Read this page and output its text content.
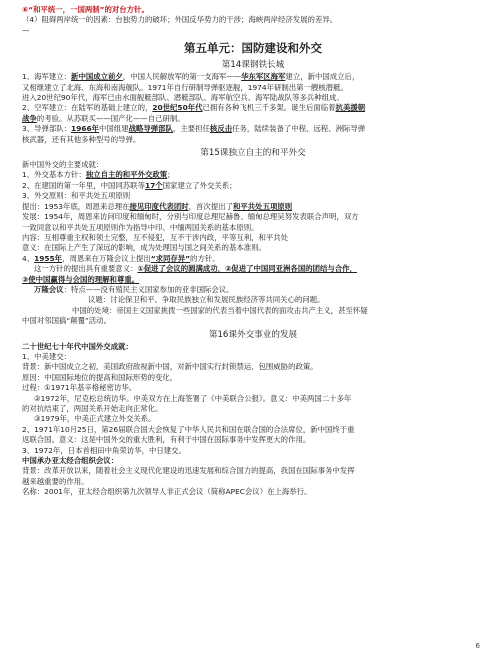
⑥“和平统一，一国两制”的对台方针。
（4）阻碍两岸统一的因素：台独势力的破坏；外国反华势力的干涉；海峡两岸经济发展的差异。
—
第五单元：国防建设和外交
第14课钢铁长城
1、海军建立：新中国成立前夕，中国人民解放军的第一支海军——华东军区海军建立，新中国成立后，
又相继建立了北海、东海和南海舰队。1971年自行研制导弹驱逐舰，1974年研制出第一艘核潜艇。
进入20世纪90年代，海军已由水面舰艇部队、潜艇部队、海军航空兵、海军陆战队等多兵种组成。
2、空军建立：在陆军的基础上建立的，20世纪50年代已拥有各种飞机三千多架。诞生后面临着抗美援朝
战争的考验。从苏联买——国产化——自己研制。
3、导弹部队：1966年中国组建战略导弹部队，主要担任核反击任务，陆续装备了中程、远程、洲际导弹
核武器，还有其他多种型号的导弹。
第15课独立自主的和平外交
新中国外交的主要成就：
1、外交基本方针：独立自主的和平外交政策；
2、在建国的第一年里，中国同苏联等17个国家建立了外交关系；
3、外交原则：和平共处五项原则
提出：1953年底，周恩来总理在接见印度代表团时，首次提出了和平共处五项原则
发展：1954年，周恩来访问印度和缅甸时，分别与印度总理尼赫鲁、缅甸总理吴努发表联合声明，双方
一致同意以和平共处五项原则作为指导中印、中缅两国关系的基本原则。
内容：互相尊重主权和领土完整，互不侵犯，互不干涉内政，平等互利，和平共处
意义：在国际上产生了深远的影响，成为处理国与国之间关系的基本准则。
4、1955年，周恩来在万隆会议上提出“求同存异”的方针。
这一方针的提出具有重要意义：①促进了会议的圆满成功，②促进了中国同亚洲各国的团结与合作，
③使中国赢得与会国的理解和尊重。
万隆会议：特点——没有殖民主义国家参加的亚非国际会议。
议题：讨论保卫和平、争取民族独立和发展民族经济等共同关心的问题。
中国的处境：帝国主义国家挑拨一些国家的代表当着中国代表的面攻击共产主义，甚至怀疑
中国对邻国搞“颠覆”活动。
第16课外交事业的发展
二十世纪七十年代中国外交成就：
1、中美建交：
背景：新中国成立之初，美国政府敌视新中国，对新中国实行封锁禁运、包围威胁的政策。
原因：中国国际地位的提高和国际形势的变化，
过程：①1971年基辛格秘密访华。
②1972年，尼克松总统访华。中美双方在上海签署了《中美联合公报》。意义：中美两国二十多年
的对抗结束了，两国关系开始走向正常化。
③1979年，中美正式建立外交关系。
2、1971年10月25日，第26届联合国大会恢复了中华人民共和国在联合国的合法席位，新中国终于重
返联合国。意义：这是中国外交的重大胜利，有利于中国在国际事务中发挥更大的作用。
3、1972年，日本首相田中角荣访华，中日建交。
中国承办亚太经合组织会议：
背景：改革开放以来，随着社会主义现代化建设的迅速发展和综合国力的提高，我国在国际事务中发挥
越来越重要的作用。
名称：2001年，亚太经合组织第九次领导人非正式会议（简称APEC会议）在上海举行。
6
